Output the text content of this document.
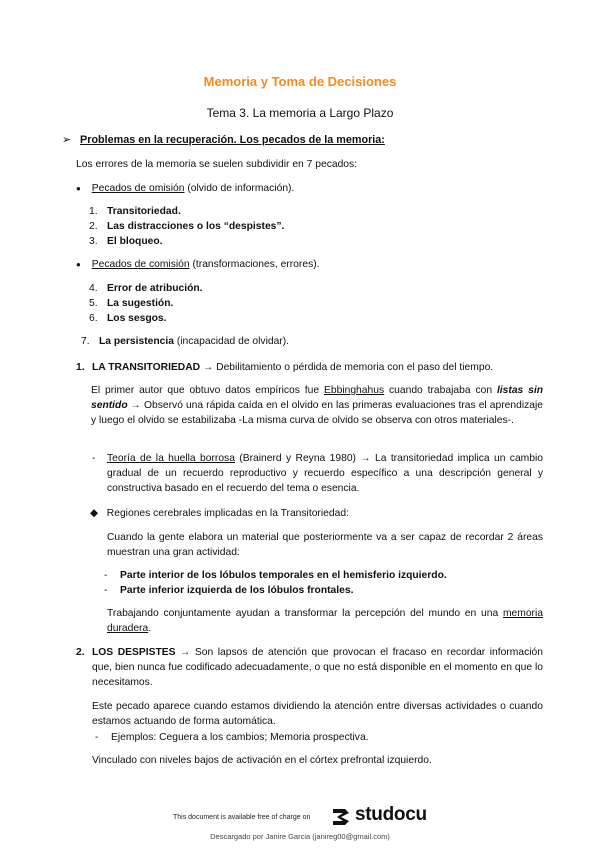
Memoria y Toma de Decisiones
Tema 3. La memoria a Largo Plazo
➢ Problemas en la recuperación. Los pecados de la memoria:
Los errores de la memoria se suelen subdividir en 7 pecados:
● Pecados de omisión (olvido de información).
1. Transitoriedad.
2. Las distracciones o los “despistes”.
3. El bloqueo.
● Pecados de comisión (transformaciones, errores).
4. Error de atribución.
5. La sugestión.
6. Los sesgos.
7. La persistencia (incapacidad de olvidar).
1. LA TRANSITORIEDAD → Debilitamiento o pérdida de memoria con el paso del tiempo.
El primer autor que obtuvo datos empíricos fue Ebbinghahus cuando trabajaba con listas sin sentido → Observó una rápida caída en el olvido en las primeras evaluaciones tras el aprendizaje y luego el olvido se estabilizaba -La misma curva de olvido se observa con otros materiales-.
- Teoría de la huella borrosa (Brainerd y Reyna 1980) → La transitoriedad implica un cambio gradual de un recuerdo reproductivo y recuerdo específico a una descripción general y constructiva basado en el recuerdo del tema o esencia.
◆ Regiones cerebrales implicadas en la Transitoriedad:
Cuando la gente elabora un material que posteriormente va a ser capaz de recordar 2 áreas muestran una gran actividad:
- Parte interior de los lóbulos temporales en el hemisferio izquierdo.
- Parte inferior izquierda de los lóbulos frontales.
Trabajando conjuntamente ayudan a transformar la percepción del mundo en una memoria duradera.
2. LOS DESPISTES → Son lapsos de atención que provocan el fracaso en recordar información que, bien nunca fue codificado adecuadamente, o que no está disponible en el momento en que lo necesitamos.
Este pecado aparece cuando estamos dividiendo la atención entre diversas actividades o cuando estamos actuando de forma automática.
- Ejemplos: Ceguera a los cambios; Memoria prospectiva.
Vinculado con niveles bajos de activación en el córtex prefrontal izquierdo.
This document is available free of charge on studocu
Descargado por Janire Garcia (janireg00@gmail.com)
